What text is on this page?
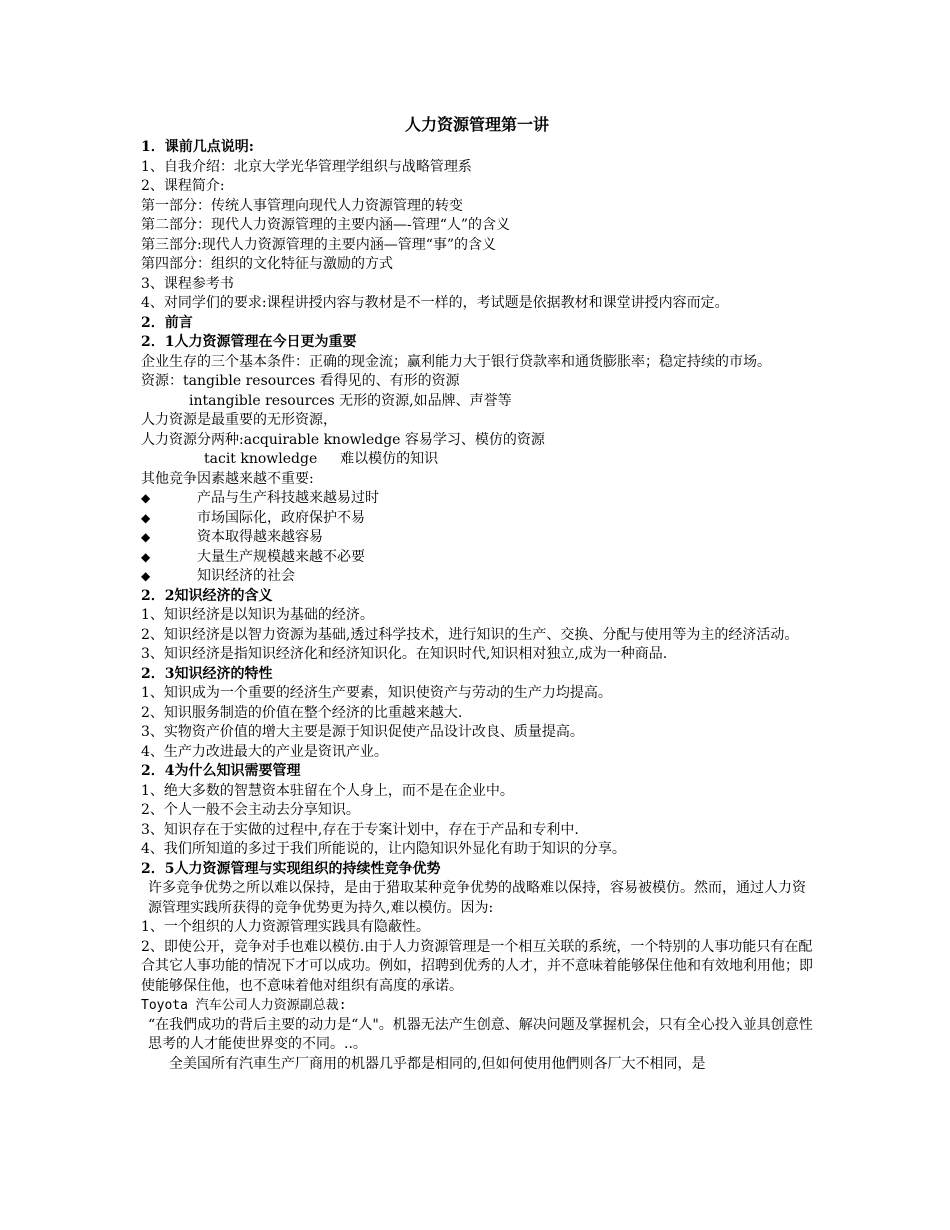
人力资源管理第一讲

1．课前几点说明:

1、自我介绍：北京大学光华管理学组织与战略管理系

2、课程简介:

第一部分：传统人事管理向现代人力资源管理的转变

第二部分：现代人力资源管理的主要内涵—-管理“人”的含义

第三部分:现代人力资源管理的主要内涵—管理“事”的含义

第四部分：组织的文化特征与激励的方式

3、课程参考书

4、对同学们的要求:课程讲授内容与教材是不一样的，考试题是依据教材和课堂讲授内容而定。

2．前言

2．1人力资源管理在今日更为重要

企业生存的三个基本条件：正确的现金流；赢利能力大于银行贷款率和通货膨胀率；稳定持续的市场。

资源：tangible resources 看得见的、有形的资源

intangible resources 无形的资源,如品牌、声誉等

人力资源是最重要的无形资源，

人力资源分两种:acquirable knowledge 容易学习、模仿的资源

tacit knowledge 　 难以模仿的知识

其他竞争因素越来越不重要:

◆	产品与生产科技越来越易过时
◆	市场国际化，政府保护不易
◆	资本取得越来越容易
◆	大量生产规模越来越不必要
◆	知识经济的社会

2．2知识经济的含义

1、知识经济是以知识为基础的经济。

2、知识经济是以智力资源为基础,透过科学技术，进行知识的生产、交换、分配与使用等为主的经济活动。

3、知识经济是指知识经济化和经济知识化。在知识时代,知识相对独立,成为一种商品.

2．3知识经济的特性

1、知识成为一个重要的经济生产要素，知识使资产与劳动的生产力均提高。

2、知识服务制造的价值在整个经济的比重越来越大.

3、实物资产价值的增大主要是源于知识促使产品设计改良、质量提高。

4、生产力改进最大的产业是资讯产业。

2．4为什么知识需要管理

1、绝大多数的智慧资本驻留在个人身上，而不是在企业中。

2、个人一般不会主动去分享知识。

3、知识存在于实做的过程中,存在于专案计划中，存在于产品和专利中.

4、我们所知道的多过于我们所能说的，让内隐知识外显化有助于知识的分享。

2．5人力资源管理与实现组织的持续性竞争优势

许多竞争优势之所以难以保持，是由于猎取某种竞争优势的战略难以保持，容易被模仿。然而，通过人力资源管理实践所获得的竞争优势更为持久,难以模仿。因为:

1、一个组织的人力资源管理实践具有隐蔽性。

2、即使公开，竞争对手也难以模仿.由于人力资源管理是一个相互关联的系统，一个特别的人事功能只有在配合其它人事功能的情况下才可以成功。例如，招聘到优秀的人才，并不意味着能够保住他和有效地利用他；即使能够保住他，也不意味着他对组织有高度的承诺。

Toyota 汽车公司人力资源副总裁:

“在我們成功的背后主要的动力是“人"。机器无法产生创意、解决问题及掌握机会，只有全心投入並具创意性思考的人才能使世界变的不同。..。

全美国所有汽車生产厂商用的机器几乎都是相同的,但如何使用他們则各厂大不相同，是
